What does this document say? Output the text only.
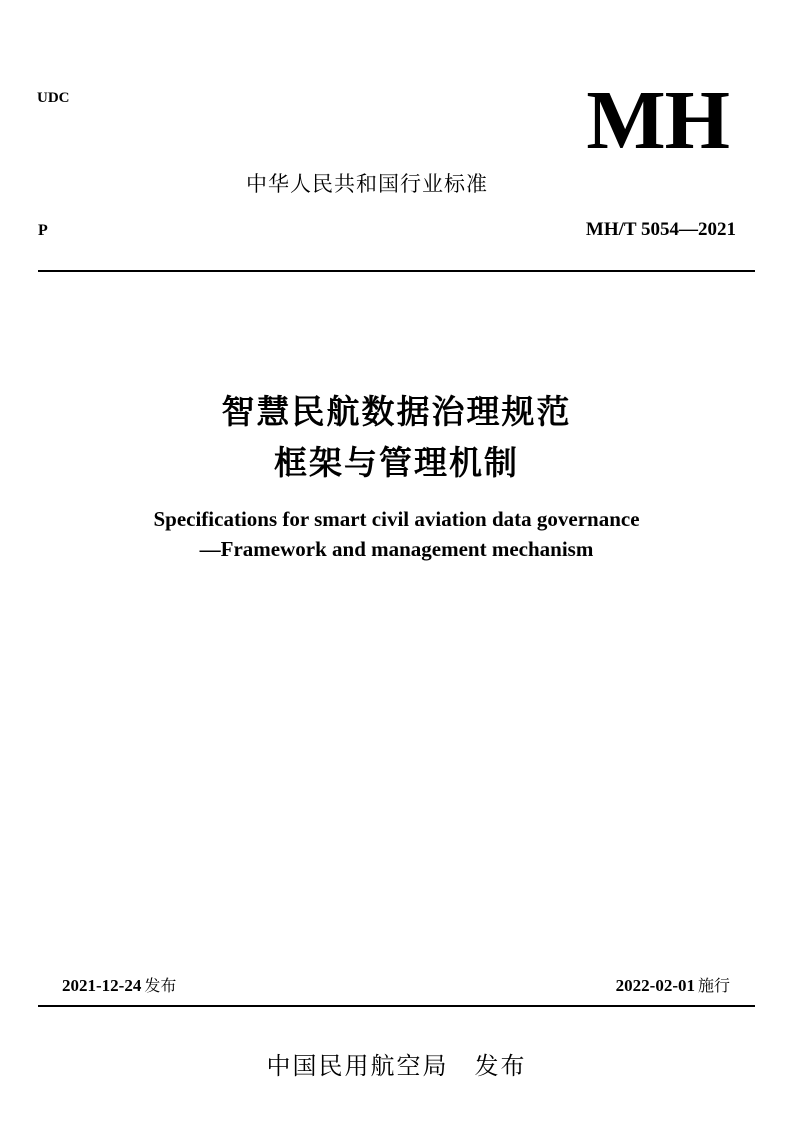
UDC	MH
中华人民共和国行业标准
P	MH/T 5054—2021
智慧民航数据治理规范
框架与管理机制
Specifications for smart civil aviation data governance
—Framework and management mechanism
2021-12-24 发布	2022-02-01 施行
中国民用航空局 发布
